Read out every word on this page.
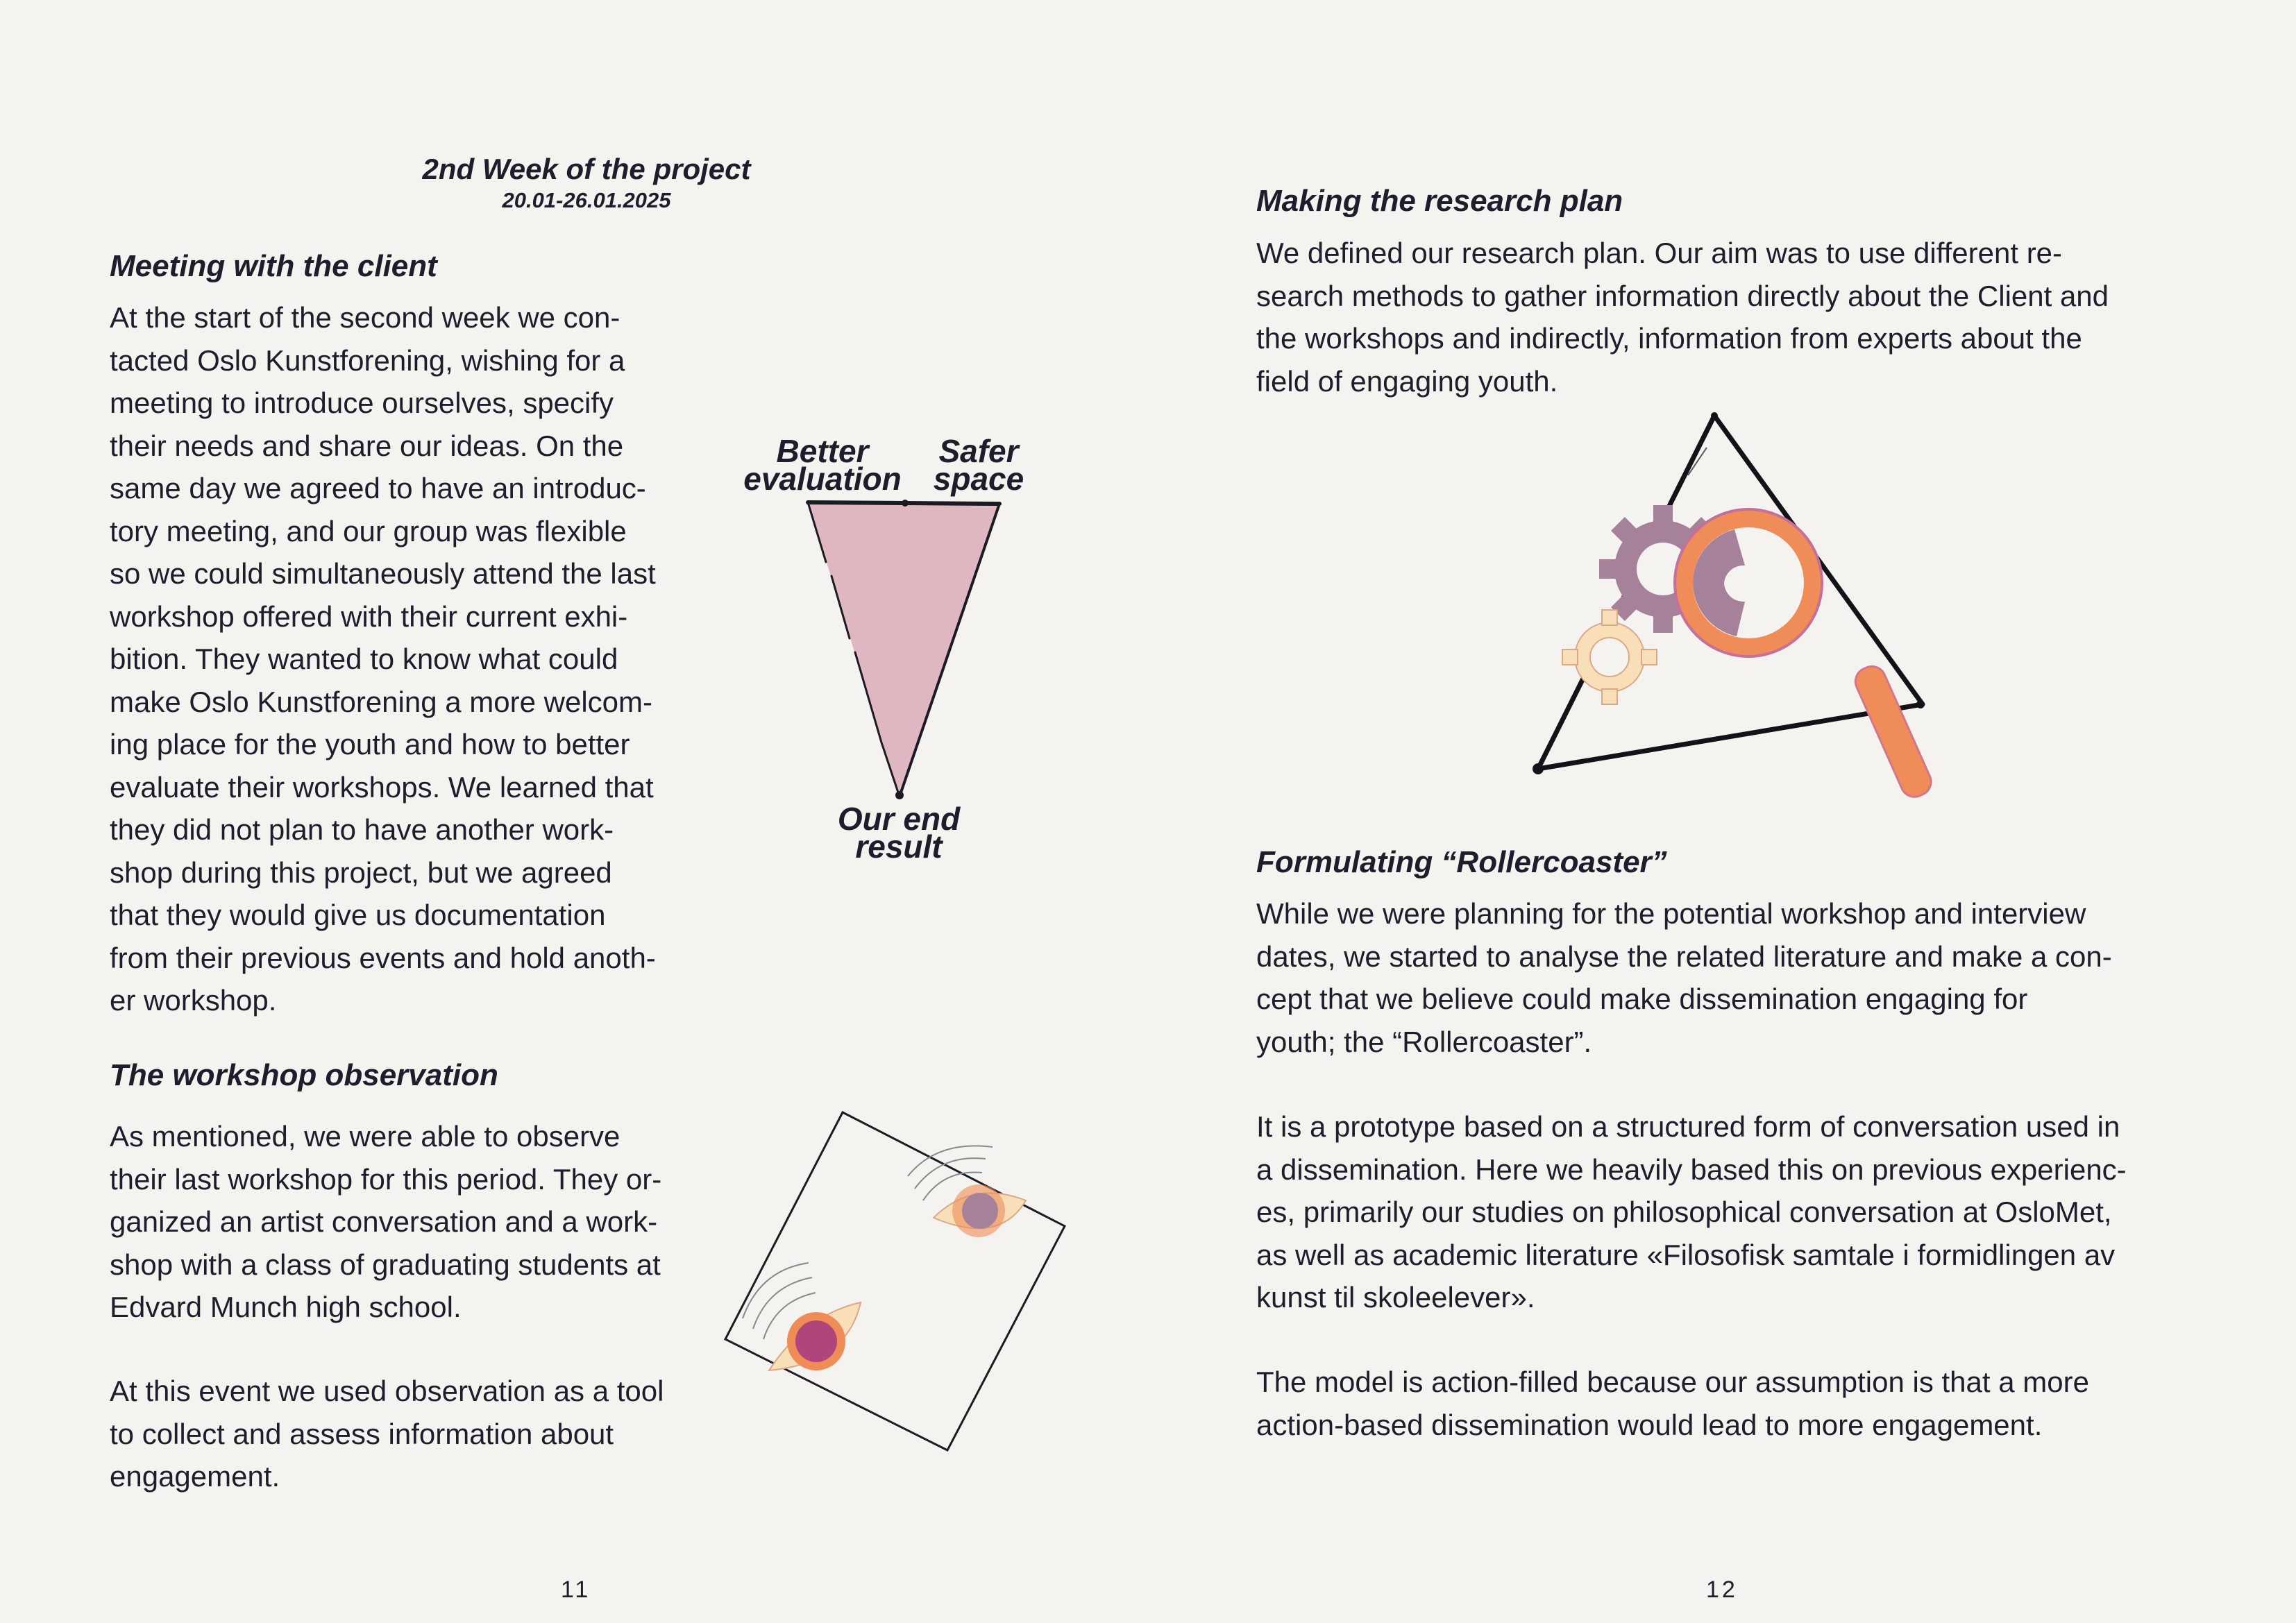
2nd Week of the project
20.01-26.01.2025
Meeting with the client

At the start of the second week we con-
tacted Oslo Kunstforening, wishing for a
meeting to introduce ourselves, specify
their needs and share our ideas. On the
same day we agreed to have an introduc-
tory meeting, and our group was flexible
so we could simultaneously attend the last
workshop offered with their current exhi-
bition. They wanted to know what could
make Oslo Kunstforening a more welcom-
ing place for the youth and how to better
evaluate their workshops. We learned that
they did not plan to have another work-
shop during this project, but we agreed
that they would give us documentation
from their previous events and hold anoth-
er workshop.

Better
evaluation
Safer
space
Our end
result
The workshop observation

As mentioned, we were able to observe
their last workshop for this period. They or-
ganized an artist conversation and a work-
shop with a class of graduating students at
Edvard Munch high school.

At this event we used observation as a tool
to collect and assess information about
engagement.

11
Making the research plan

We defined our research plan. Our aim was to use different re-
search methods to gather information directly about the Client and
the workshops and indirectly, information from experts about the
field of engaging youth.

Formulating “Rollercoaster”

While we were planning for the potential workshop and interview
dates, we started to analyse the related literature and make a con-
cept that we believe could make dissemination engaging for
youth; the “Rollercoaster”.

It is a prototype based on a structured form of conversation used in
a dissemination. Here we heavily based this on previous experienc-
es, primarily our studies on philosophical conversation at OsloMet,
as well as academic literature «Filosofisk samtale i formidlingen av
kunst til skoleelever».

The model is action-filled because our assumption is that a more
action-based dissemination would lead to more engagement.

12
